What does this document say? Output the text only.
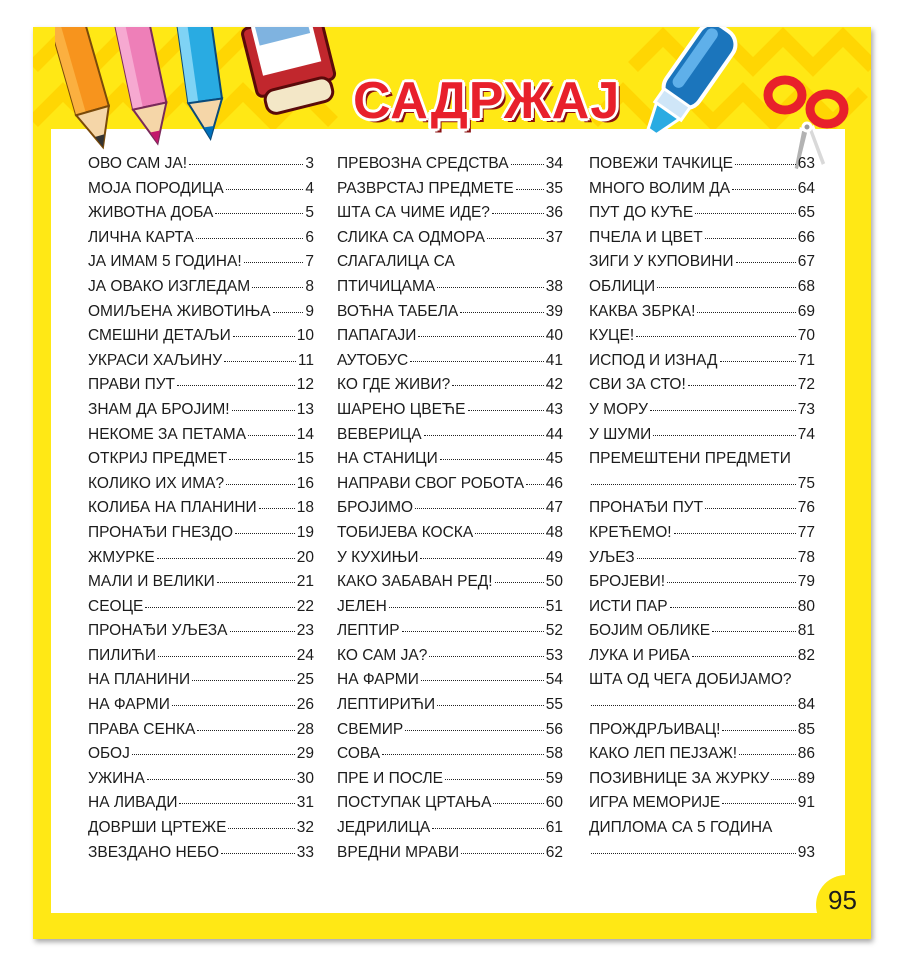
САДРЖАЈ
ОВО САМ ЈА!	3
МОЈА ПОРОДИЦА	4
ЖИВОТНА ДОБА	5
ЛИЧНА КАРТА	6
ЈА ИМАМ 5 ГОДИНА!	7
ЈА ОВАКО ИЗГЛЕДАМ	8
ОМИЉЕНА ЖИВОТИЊА 9
СМЕШНИ ДЕТАЉИ	10
УКРАСИ ХАЉИНУ	11
ПРАВИ ПУТ	12
ЗНАМ ДА БРОЈИМ!	13
НЕКОМЕ ЗА ПЕТАМА	14
ОТКРИЈ ПРЕДМЕТ	15
КОЛИКО ИХ ИМА?	16
КОЛИБА НА ПЛАНИНИ	18
ПРОНАЂИ ГНЕЗДО	19
ЖМУРКЕ	20
МАЛИ И ВЕЛИКИ	21
СЕОЦЕ	22
ПРОНАЂИ УЉЕЗА	23
ПИЛИЋИ	24
НА ПЛАНИНИ	25
НА ФАРМИ	26
ПРАВА СЕНКА	28
ОБОЈ	29
УЖИНА	30
НА ЛИВАДИ	31
ДОВРШИ ЦРТЕЖЕ	32
ЗВЕЗДАНО НЕБО	33
ПРЕВОЗНА СРЕДСТВА 34
РАЗВРСТАЈ ПРЕДМЕТЕ 35
ШТА СА ЧИМЕ ИДЕ?	36
СЛИКА СА ОДМОРА	37
СЛАГАЛИЦА СА
ПТИЧИЦАМА	38
ВОЋНА ТАБЕЛА	39
ПАПАГАЈИ	40
АУТОБУС	41
КО ГДЕ ЖИВИ?	42
ШАРЕНО ЦВЕЋЕ	43
ВЕВЕРИЦА	44
НА СТАНИЦИ	45
НАПРАВИ СВОГ РОБОТА 46
БРОЈИМО	47
ТОБИЈЕВА КОСКА	48
У КУХИЊИ	49
КАКО ЗАБАВАН РЕД!	50
ЈЕЛЕН	51
ЛЕПТИР	52
КО САМ ЈА?	53
НА ФАРМИ	54
ЛЕПТИРИЋИ	55
СВЕМИР	56
СОВА	58
ПРЕ И ПОСЛЕ	59
ПОСТУПАК ЦРТАЊА	60
ЈЕДРИЛИЦА	61
ВРЕДНИ МРАВИ	62
ПОВЕЖИ ТАЧКИЦЕ	63
МНОГО ВОЛИМ ДА	64
ПУТ ДО КУЋЕ	65
ПЧЕЛА И ЦВЕТ	66
ЗИГИ У КУПОВИНИ	67
ОБЛИЦИ	68
КАКВА ЗБРКА!	69
КУЦЕ!	70
ИСПОД И ИЗНАД	71
СВИ ЗА СТО!	72
У МОРУ	73
У ШУМИ	74
ПРЕМЕШТЕНИ ПРЕДМЕТИ
75
ПРОНАЂИ ПУТ	76
КРЕЋЕМО!	77
УЉЕЗ	78
БРОЈЕВИ!	79
ИСТИ ПАР	80
БОЈИМ ОБЛИКЕ	81
ЛУКА И РИБА	82
ШТА ОД ЧЕГА ДОБИЈАМО?
84
ПРОЖДРЉИВАЦ!	85
КАКО ЛЕП ПЕЈЗАЖ!	86
ПОЗИВНИЦЕ ЗА ЖУРКУ 89
ИГРА МЕМОРИЈЕ	91
ДИПЛОМА СА 5 ГОДИНА
93
95
